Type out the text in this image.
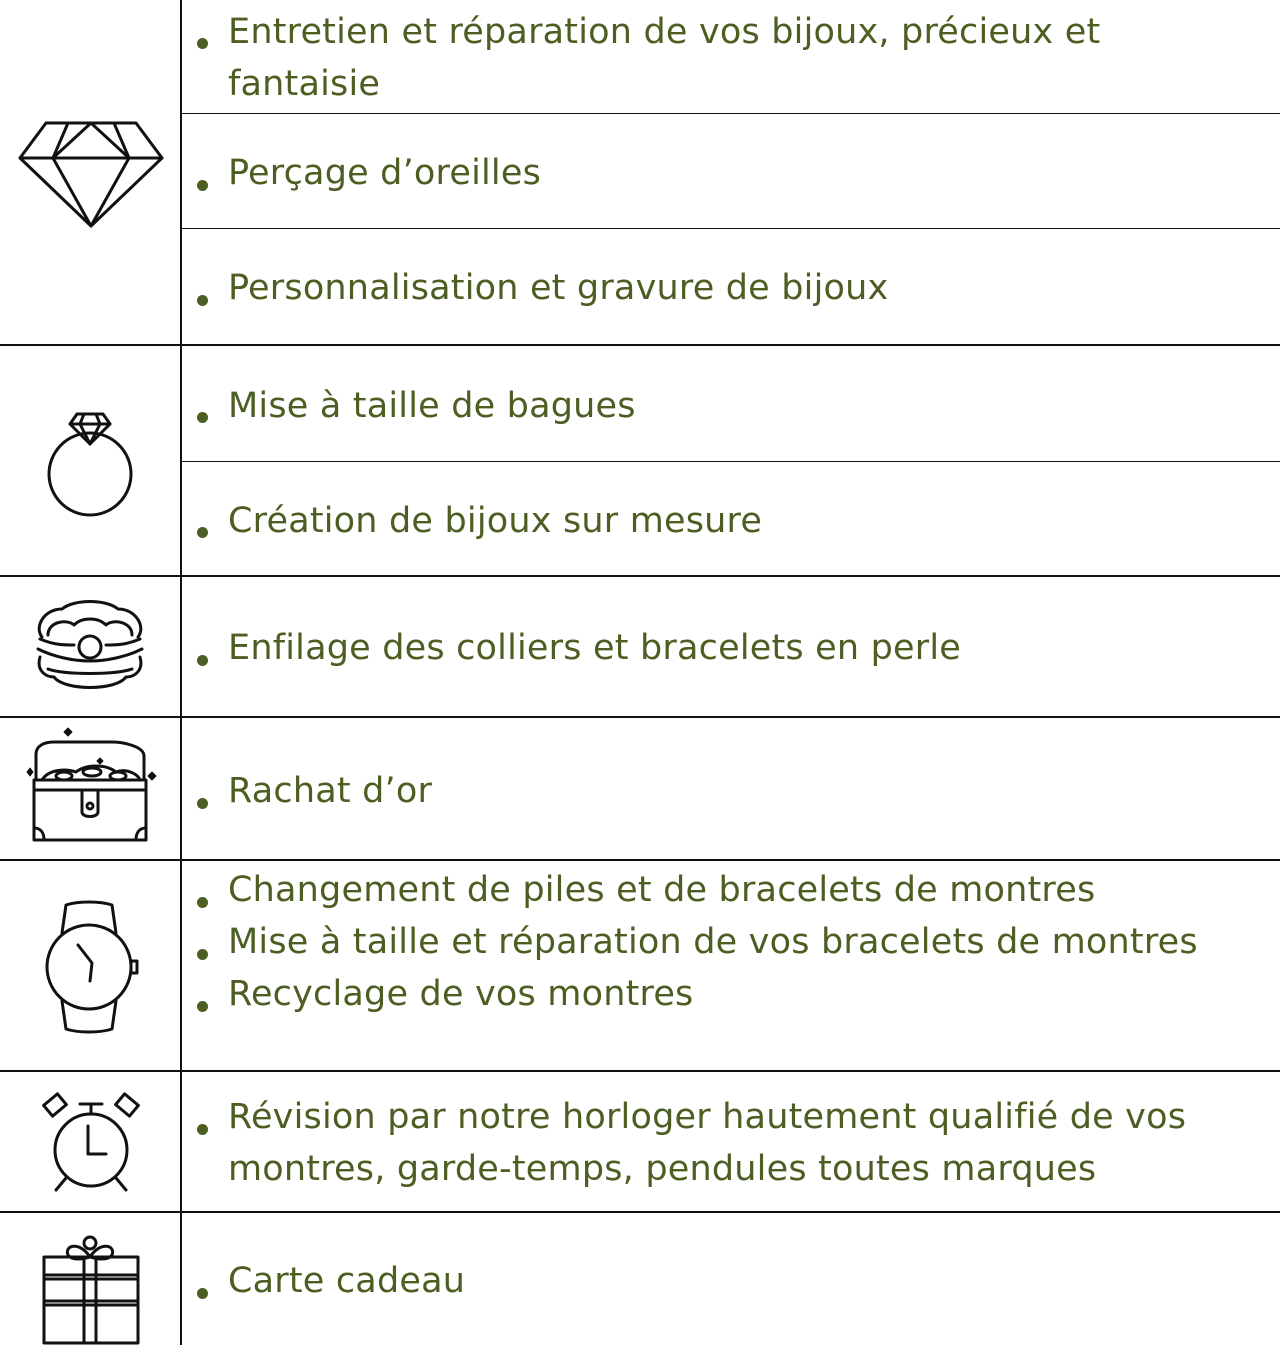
Entretien et réparation de vos bijoux, précieux et
fantaisie
Perçage d’oreilles
Personnalisation et gravure de bijoux
Mise à taille de bagues
Création de bijoux sur mesure
Enfilage des colliers et bracelets en perle
Rachat d’or
Changement de piles et de bracelets de montres
Mise à taille et réparation de vos bracelets de montres
Recyclage de vos montres
Révision par notre horloger hautement qualifié de vos
montres, garde-temps, pendules toutes marques
Carte cadeau
